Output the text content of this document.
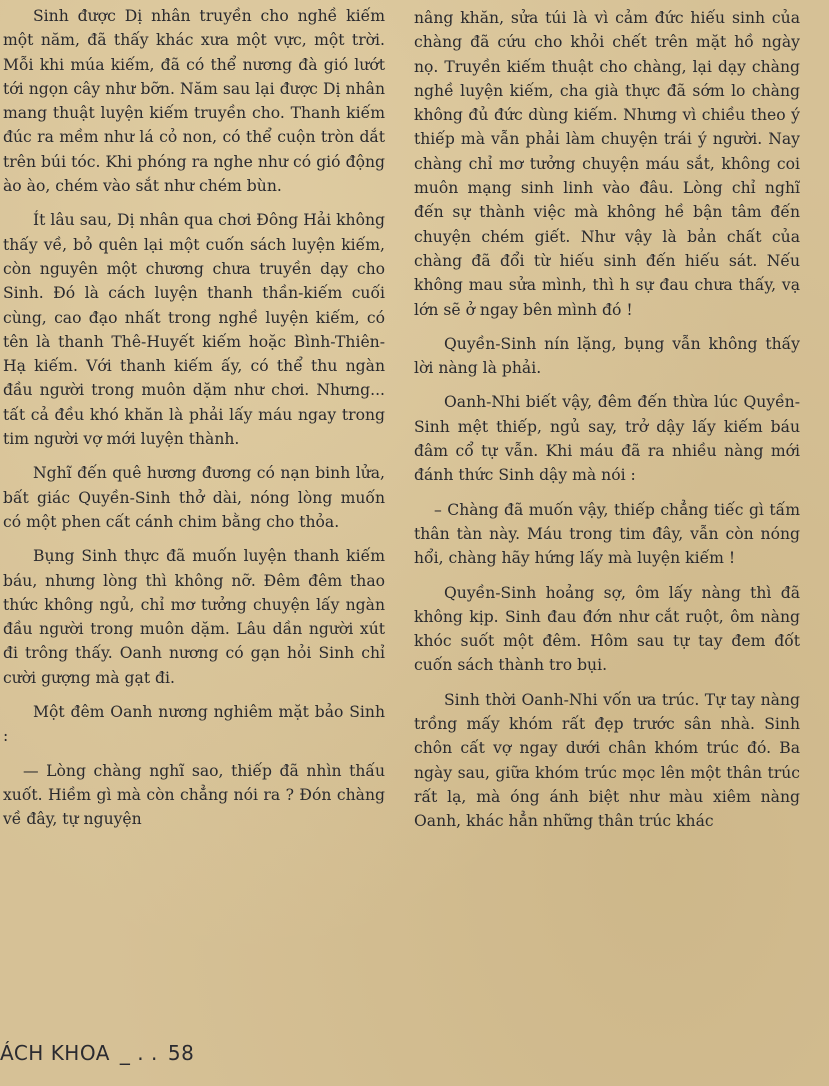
Sinh được Dị nhân truyền cho nghề kiếm một năm, đã thấy khác xưa một vực, một trời. Mỗi khi múa kiếm, đã có thể nương đà gió lướt tới ngọn cây như bỡn. Năm sau lại được Dị nhân mang thuật luyện kiếm truyền cho. Thanh kiếm đúc ra mềm như lá cỏ non, có thể cuộn tròn dắt trên búi tóc. Khi phóng ra nghe như có gió động ào ào, chém vào sắt như chém bùn.

Ít lâu sau, Dị nhân qua chơi Đông Hải không thấy về, bỏ quên lại một cuốn sách luyện kiếm, còn nguyên một chương chưa truyền dạy cho Sinh. Đó là cách luyện thanh thần-kiếm cuối cùng, cao đạo nhất trong nghề luyện kiếm, có tên là thanh Thê-Huyết kiếm hoặc Bình-Thiên-Hạ kiếm. Với thanh kiếm ấy, có thể thu ngàn đầu người trong muôn dặm như chơi. Nhưng... tất cả đều khó khăn là phải lấy máu ngay trong tim người vợ mới luyện thành.

Nghĩ đến quê hương đương có nạn binh lửa, bất giác Quyền-Sinh thở dài, nóng lòng muốn có một phen cất cánh chim bằng cho thỏa.

Bụng Sinh thực đã muốn luyện thanh kiếm báu, nhưng lòng thì không nỡ. Đêm đêm thao thức không ngủ, chỉ mơ tưởng chuyện lấy ngàn đầu người trong muôn dặm. Lâu dần người xút đi trông thấy. Oanh nương có gạn hỏi Sinh chỉ cười gượng mà gạt đi.

Một đêm Oanh nương nghiêm mặt bảo Sinh :

— Lòng chàng nghĩ sao, thiếp đã nhìn thấu xuốt. Hiềm gì mà còn chẳng nói ra ? Đón chàng về đây, tự nguyện

nâng khăn, sửa túi là vì cảm đức hiếu sinh của chàng đã cứu cho khỏi chết trên mặt hồ ngày nọ. Truyền kiếm thuật cho chàng, lại dạy chàng nghề luyện kiếm, cha già thực đã sớm lo chàng không đủ đức dùng kiếm. Nhưng vì chiều theo ý thiếp mà vẫn phải làm chuyện trái ý người. Nay chàng chỉ mơ tưởng chuyện máu sắt, không coi muôn mạng sinh linh vào đâu. Lòng chỉ nghĩ đến sự thành việc mà không hề bận tâm đến chuyện chém giết. Như vậy là bản chất của chàng đã đổi từ hiếu sinh đến hiếu sát. Nếu không mau sửa mình, thì h sự đau chưa thấy, vạ lớn sẽ ở ngay bên mình đó !

Quyền-Sinh nín lặng, bụng vẫn không thấy lời nàng là phải.

Oanh-Nhi biết vậy, đêm đến thừa lúc Quyền-Sinh mệt thiếp, ngủ say, trở dậy lấy kiếm báu đâm cổ tự vẫn. Khi máu đã ra nhiều nàng mới đánh thức Sinh dậy mà nói :

– Chàng đã muốn vậy, thiếp chẳng tiếc gì tấm thân tàn này. Máu trong tim đây, vẫn còn nóng hổi, chàng hãy hứng lấy mà luyện kiếm !

Quyền-Sinh hoảng sợ, ôm lấy nàng thì đã không kịp. Sinh đau đớn như cắt ruột, ôm nàng khóc suốt một đêm. Hôm sau tự tay đem đốt cuốn sách thành tro bụi.

Sinh thời Oanh-Nhi vốn ưa trúc. Tự tay nàng trồng mấy khóm rất đẹp trước sân nhà. Sinh chôn cất vợ ngay dưới chân khóm trúc đó. Ba ngày sau, giữa khóm trúc mọc lên một thân trúc rất lạ, mà óng ánh biệt như màu xiêm nàng Oanh, khác hẳn những thân trúc khác

ÁCH KHOA _ . . 58
